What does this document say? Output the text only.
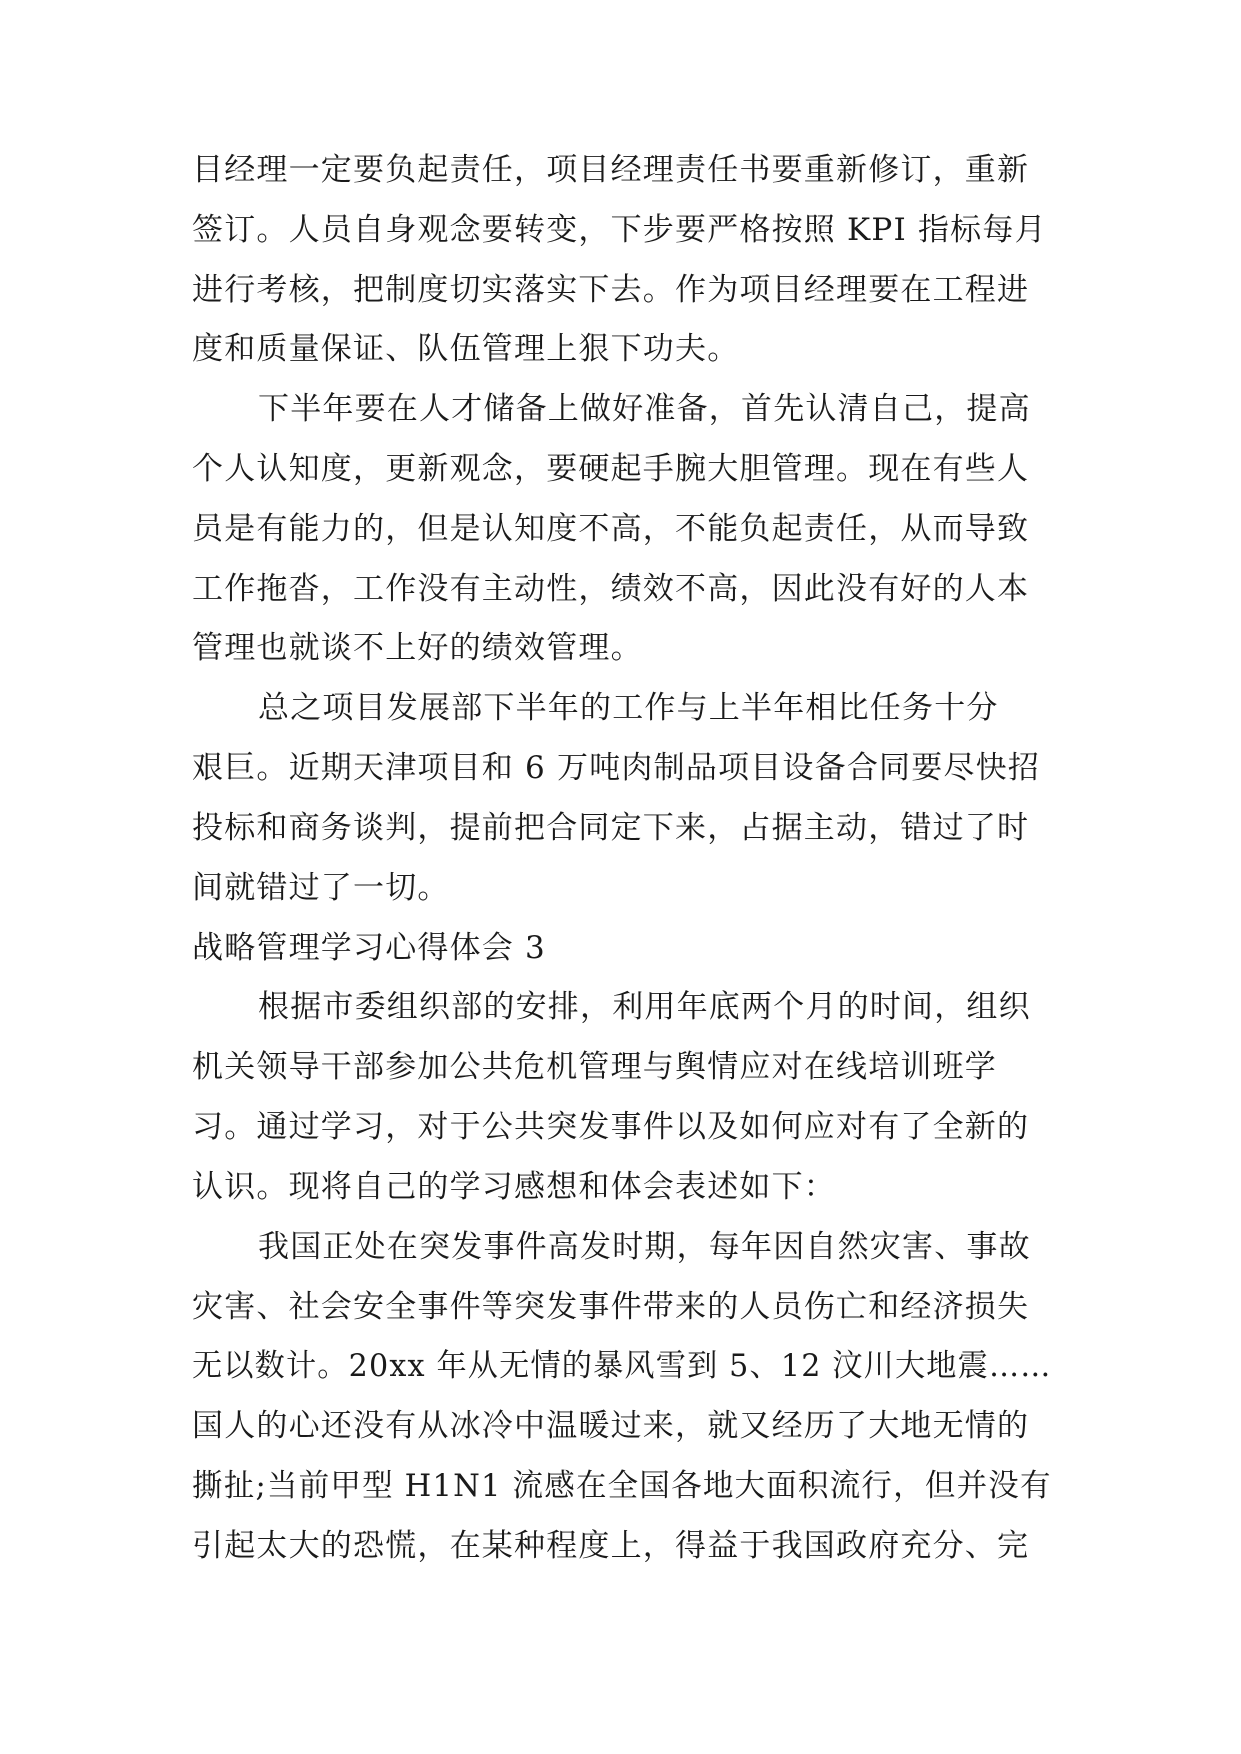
目经理一定要负起责任，项目经理责任书要重新修订，重新

签订。人员自身观念要转变，下步要严格按照 KPI 指标每月

进行考核，把制度切实落实下去。作为项目经理要在工程进

度和质量保证、队伍管理上狠下功夫。

下半年要在人才储备上做好准备，首先认清自己，提高

个人认知度，更新观念，要硬起手腕大胆管理。现在有些人

员是有能力的，但是认知度不高，不能负起责任，从而导致

工作拖沓，工作没有主动性，绩效不高，因此没有好的人本

管理也就谈不上好的绩效管理。

总之项目发展部下半年的工作与上半年相比任务十分

艰巨。近期天津项目和 6 万吨肉制品项目设备合同要尽快招

投标和商务谈判，提前把合同定下来，占据主动，错过了时

间就错过了一切。

战略管理学习心得体会 3

根据市委组织部的安排，利用年底两个月的时间，组织

机关领导干部参加公共危机管理与舆情应对在线培训班学

习。通过学习，对于公共突发事件以及如何应对有了全新的

认识。现将自己的学习感想和体会表述如下：

我国正处在突发事件高发时期，每年因自然灾害、事故

灾害、社会安全事件等突发事件带来的人员伤亡和经济损失

无以数计。20xx 年从无情的暴风雪到 5、12 汶川大地震……

国人的心还没有从冰冷中温暖过来，就又经历了大地无情的

撕扯;当前甲型 H1N1 流感在全国各地大面积流行，但并没有

引起太大的恐慌，在某种程度上，得益于我国政府充分、完
